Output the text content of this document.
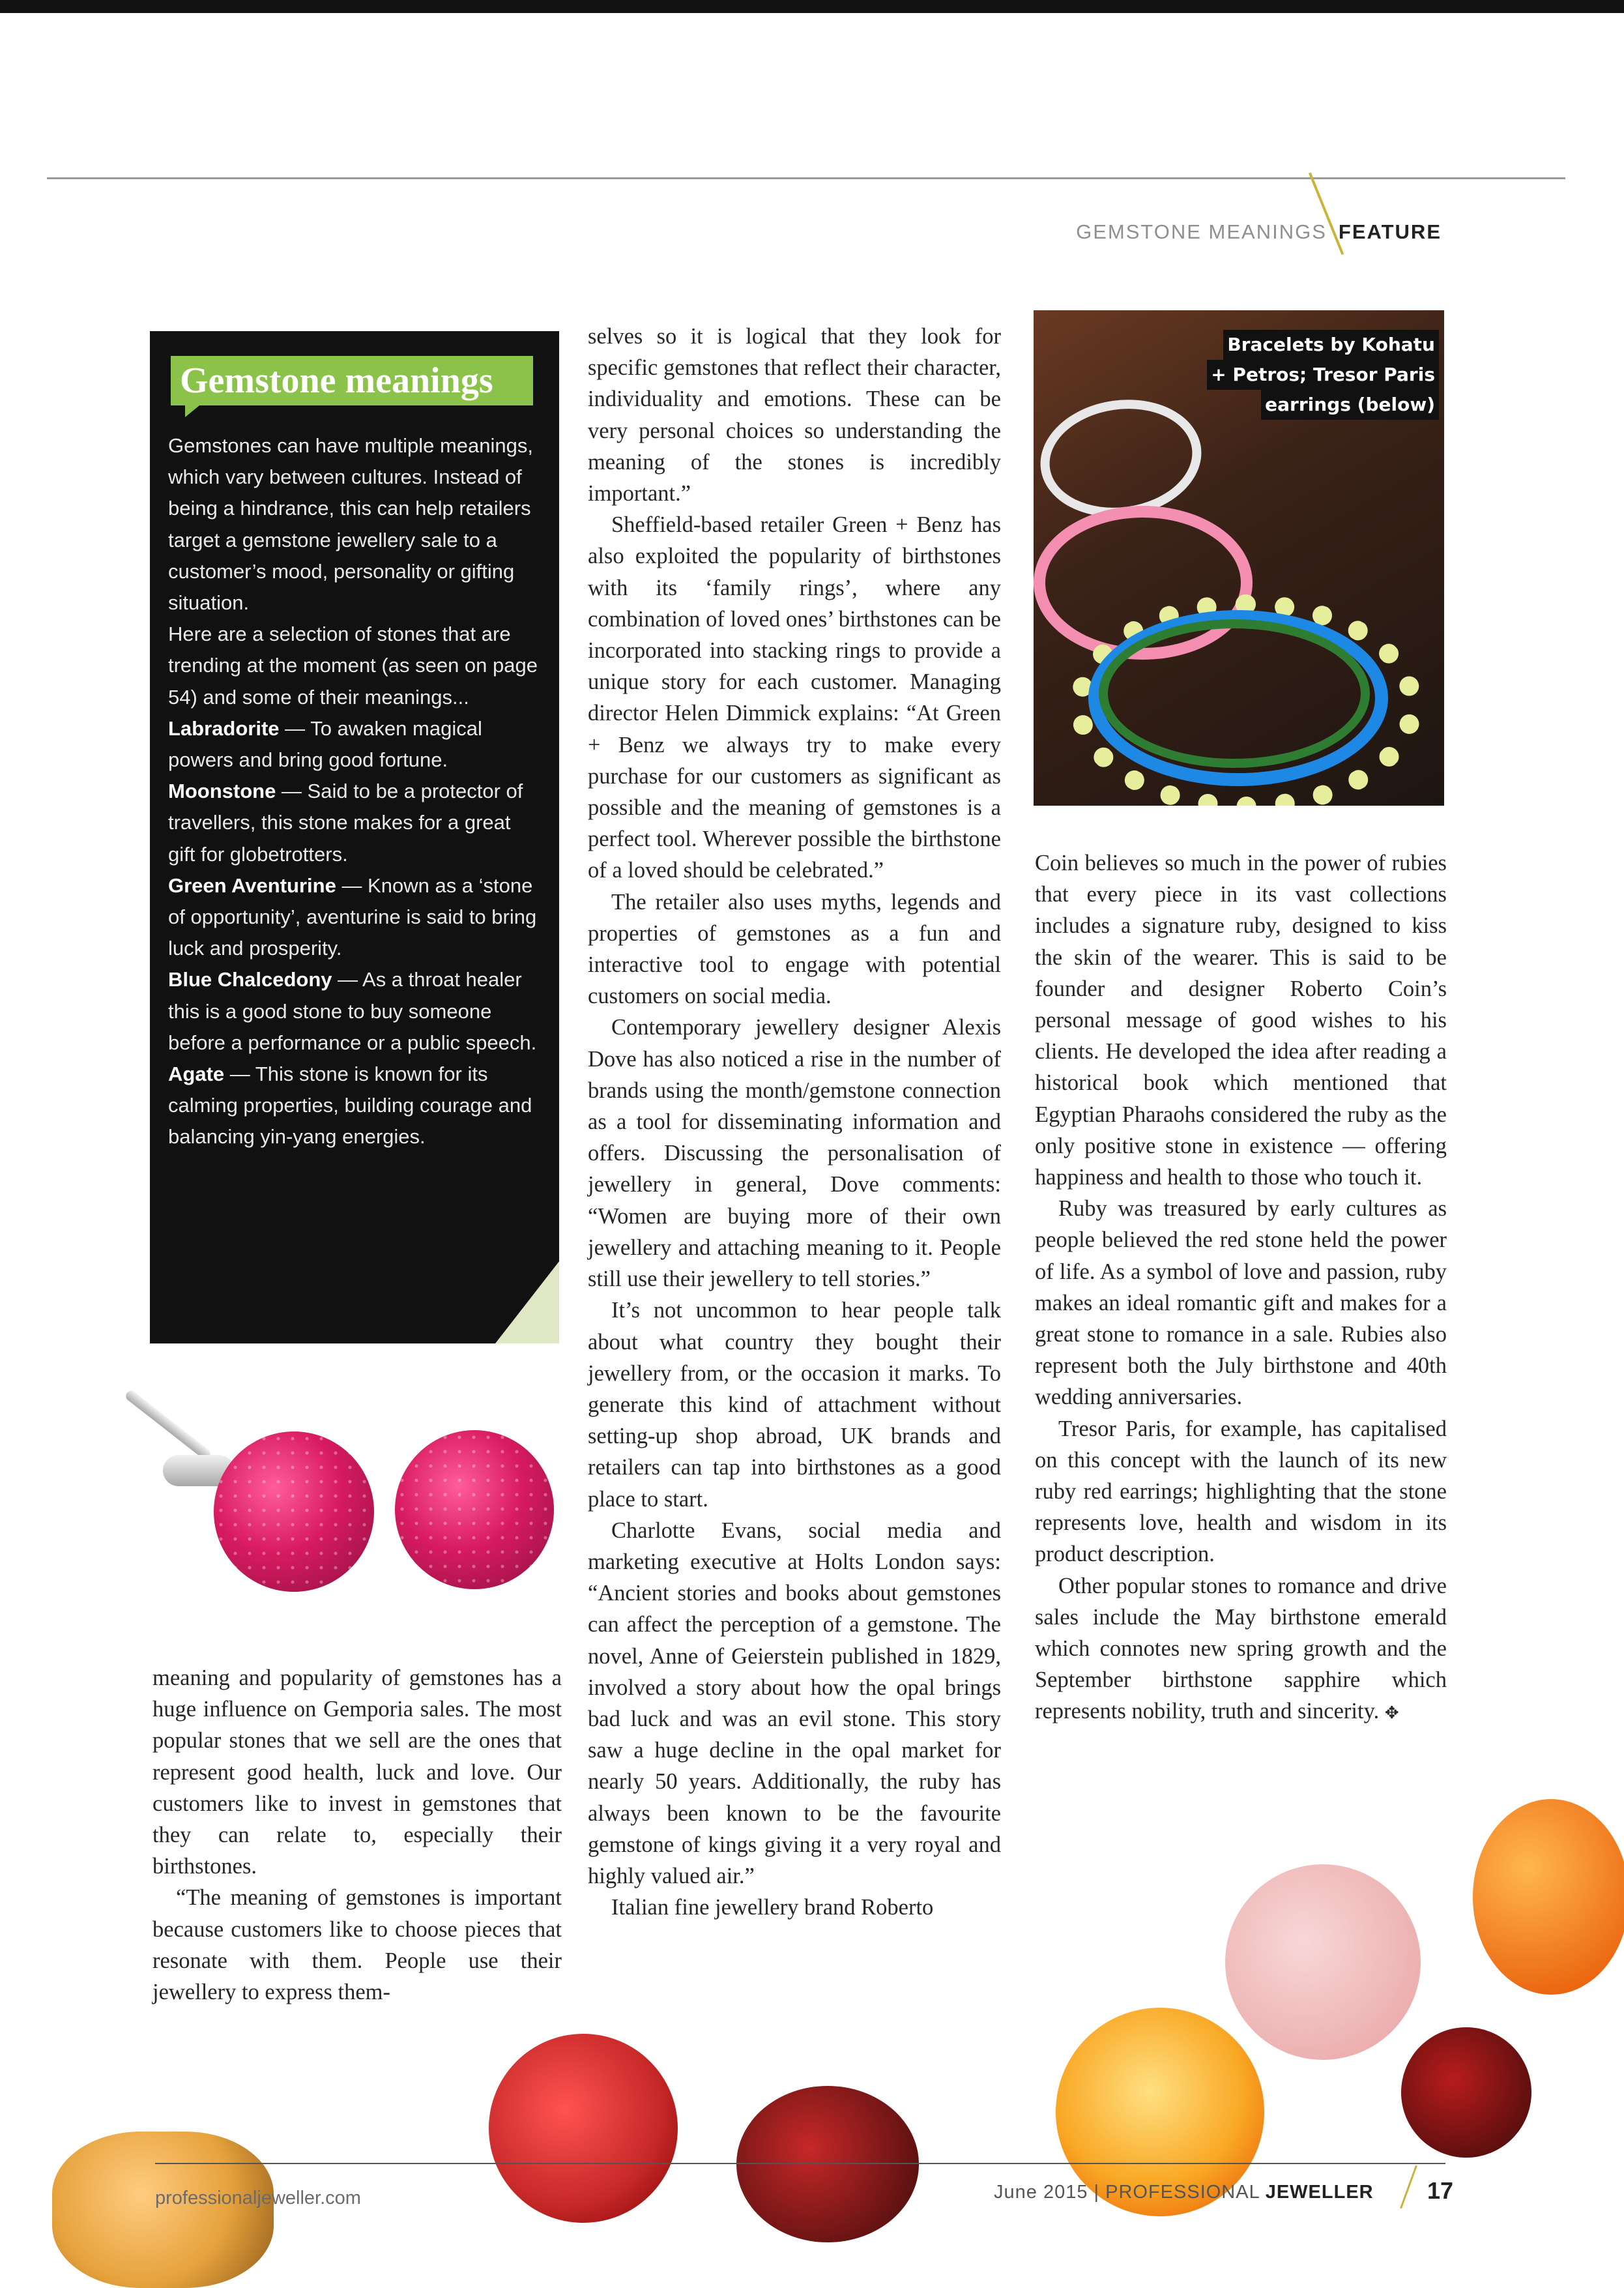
GEMSTONE MEANINGS FEATURE
Gemstone meanings

Gemstones can have multiple meanings, which vary between cultures. Instead of being a hindrance, this can help retailers target a gemstone jewellery sale to a customer’s mood, personality or gifting situation.

Here are a selection of stones that are trending at the moment (as seen on page 54) and some of their meanings...

Labradorite — To awaken magical powers and bring good fortune.

Moonstone — Said to be a protector of travellers, this stone makes for a great gift for globetrotters.

Green Aventurine — Known as a ‘stone of opportunity’, aventurine is said to bring luck and prosperity.

Blue Chalcedony — As a throat healer this is a good stone to buy someone before a performance or a public speech.

Agate — This stone is known for its calming properties, building courage and balancing yin-yang energies.

meaning and popularity of gemstones has a huge influence on Gemporia sales. The most popular stones that we sell are the ones that represent good health, luck and love. Our customers like to invest in gemstones that they can relate to, especially their birthstones.

“The meaning of gemstones is important because customers like to choose pieces that resonate with them. People use their jewellery to express them-

selves so it is logical that they look for specific gemstones that reflect their character, individuality and emotions. These can be very personal choices so understanding the meaning of the stones is incredibly important.”

Sheffield-based retailer Green + Benz has also exploited the popularity of birthstones with its ‘family rings’, where any combination of loved ones’ birthstones can be incorporated into stacking rings to provide a unique story for each customer. Managing director Helen Dimmick explains: “At Green + Benz we always try to make every purchase for our customers as significant as possible and the meaning of gemstones is a perfect tool. Wherever possible the birthstone of a loved should be celebrated.”

The retailer also uses myths, legends and properties of gemstones as a fun and interactive tool to engage with potential customers on social media.

Contemporary jewellery designer Alexis Dove has also noticed a rise in the number of brands using the month/gemstone connection as a tool for disseminating information and offers. Discussing the personalisation of jewellery in general, Dove comments: “Women are buying more of their own jewellery and attaching meaning to it. People still use their jewellery to tell stories.”

It’s not uncommon to hear people talk about what country they bought their jewellery from, or the occasion it marks. To generate this kind of attachment without setting-up shop abroad, UK brands and retailers can tap into birthstones as a good place to start.

Charlotte Evans, social media and marketing executive at Holts London says: “Ancient stories and books about gemstones can affect the perception of a gemstone. The novel, Anne of Geierstein published in 1829, involved a story about how the opal brings bad luck and was an evil stone. This story saw a huge decline in the opal market for nearly 50 years. Additionally, the ruby has always been known to be the favourite gemstone of kings giving it a very royal and highly valued air.”

Italian fine jewellery brand Roberto

Bracelets by Kohatu
+ Petros; Tresor Paris
earrings (below)

Coin believes so much in the power of rubies that every piece in its vast collections includes a signature ruby, designed to kiss the skin of the wearer. This is said to be founder and designer Roberto Coin’s personal message of good wishes to his clients. He developed the idea after reading a historical book which mentioned that Egyptian Pharaohs considered the ruby as the only positive stone in existence — offering happiness and health to those who touch it.

Ruby was treasured by early cultures as people believed the red stone held the power of life. As a symbol of love and passion, ruby makes an ideal romantic gift and makes for a great stone to romance in a sale. Rubies also represent both the July birthstone and 40th wedding anniversaries.

Tresor Paris, for example, has capitalised on this concept with the launch of its new ruby red earrings; highlighting that the stone represents love, health and wisdom in its product description.

Other popular stones to romance and drive sales include the May birthstone emerald which connotes new spring growth and the September birthstone sapphire which represents nobility, truth and sincerity. ✥

professionaljeweller.com	June 2015 | PROFESSIONAL JEWELLER 17
